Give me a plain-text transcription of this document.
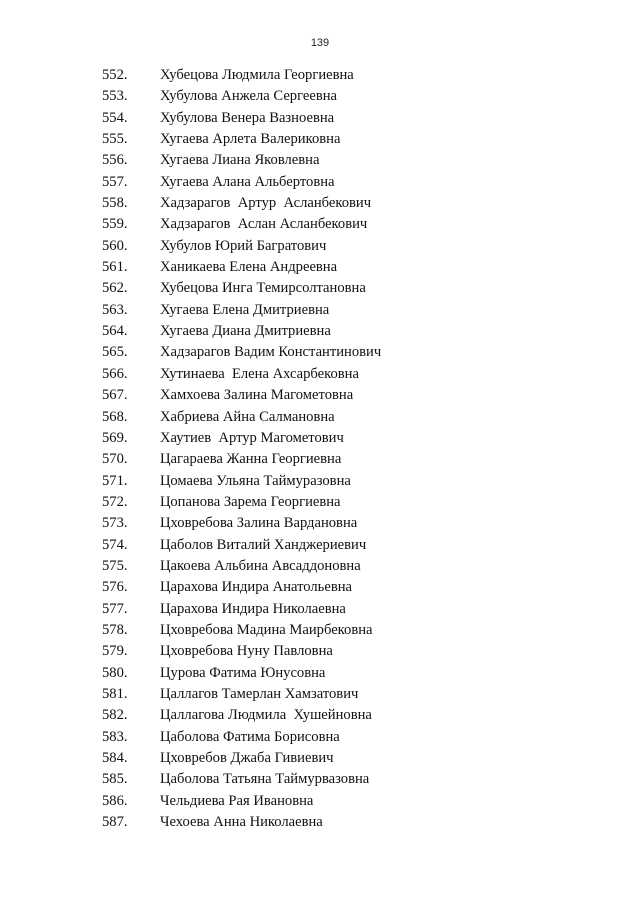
139
552. Хубецова Людмила Георгиевна
553. Хубулова Анжела Сергеевна
554. Хубулова Венера Вазноевна
555. Хугаева Арлета Валериковна
556. Хугаева Лиана Яковлевна
557. Хугаева Алана Альбертовна
558. Хадзарагов  Артур  Асланбекович
559. Хадзарагов  Аслан Асланбекович
560. Хубулов Юрий Багратович
561. Ханикаева Елена Андреевна
562. Хубецова Инга Темирсолтановна
563. Хугаева Елена Дмитриевна
564. Хугаева Диана Дмитриевна
565. Хадзарагов Вадим Константинович
566. Хутинаева  Елена Ахсарбековна
567. Хамхоева Залина Магометовна
568. Хабриева Айна Салмановна
569. Хаутиев  Артур Магометович
570. Цагараева Жанна Георгиевна
571. Цомаева Ульяна Таймуразовна
572. Цопанова Зарема Георгиевна
573. Цховребова Залина Вардановна
574. Цаболов Виталий Ханджериевич
575. Цакоева Альбина Авсаддоновна
576. Царахова Индира Анатольевна
577. Царахова Индира Николаевна
578. Цховребова Мадина Маирбековна
579. Цховребова Нуну Павловна
580. Цурова Фатима Юнусовна
581. Цаллагов Тамерлан Хамзатович
582. Цаллагова Людмила  Хушейновна
583. Цаболова Фатима Борисовна
584. Цховребов Джаба Гивиевич
585. Цаболова Татьяна Таймурвазовна
586. Чельдиева Рая Ивановна
587. Чехоева Анна Николаевна
